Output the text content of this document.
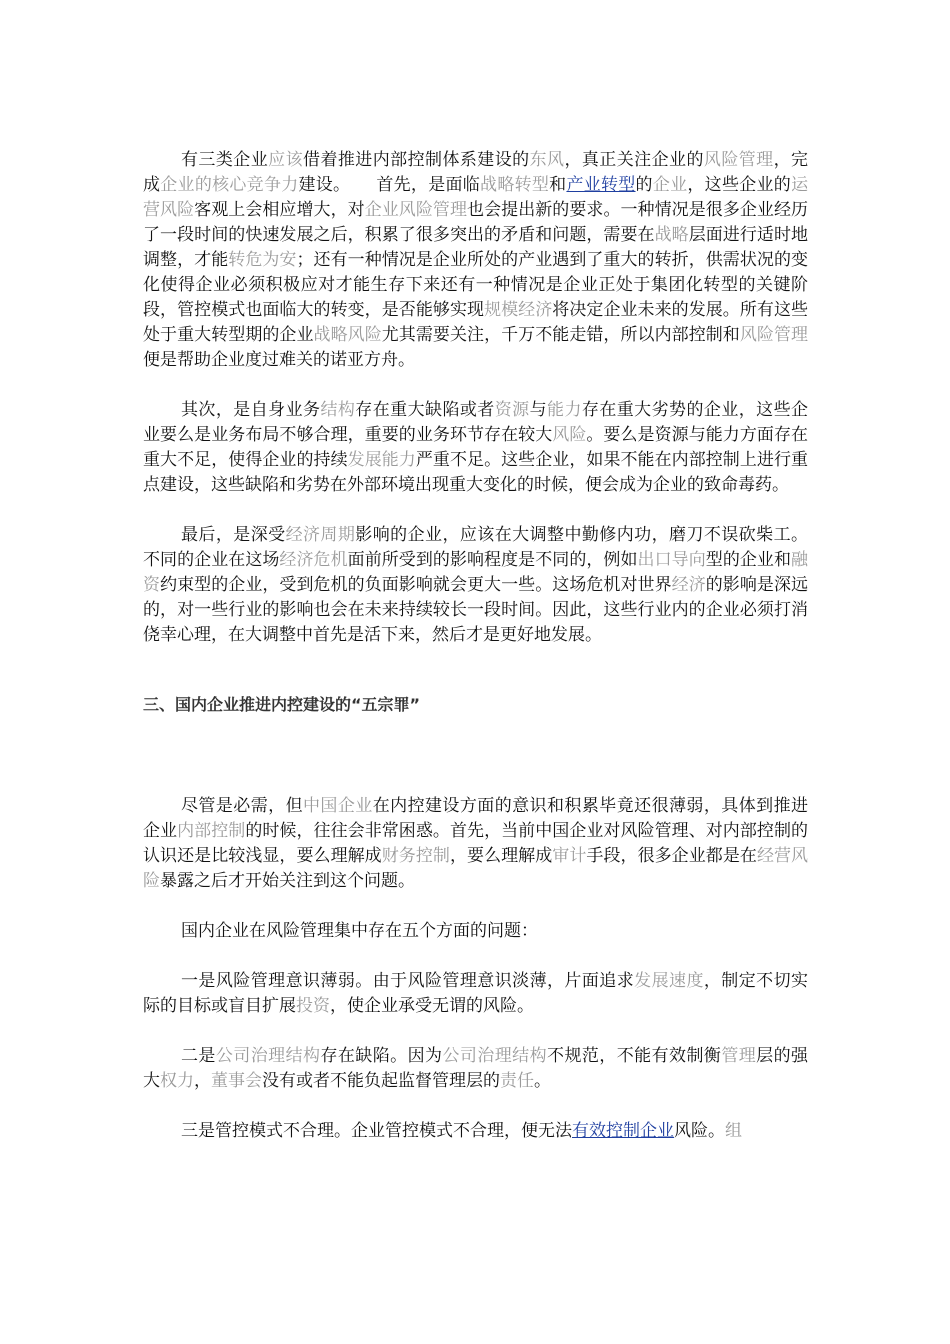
有三类企业应该借着推进内部控制体系建设的东风，真正关注企业的风险管理，完成企业的核心竞争力建设。　　首先，是面临战略转型和产业转型的企业，这些企业的运营风险客观上会相应增大，对企业风险管理也会提出新的要求。一种情况是很多企业经历了一段时间的快速发展之后，积累了很多突出的矛盾和问题，需要在战略层面进行适时地调整，才能转危为安；还有一种情况是企业所处的产业遇到了重大的转折，供需状况的变化使得企业必须积极应对才能生存下来还有一种情况是企业正处于集团化转型的关键阶段，管控模式也面临大的转变，是否能够实现规模经济将决定企业未来的发展。所有这些处于重大转型期的企业战略风险尤其需要关注，千万不能走错，所以内部控制和风险管理便是帮助企业度过难关的诺亚方舟。

其次，是自身业务结构存在重大缺陷或者资源与能力存在重大劣势的企业，这些企业要么是业务布局不够合理，重要的业务环节存在较大风险。要么是资源与能力方面存在重大不足，使得企业的持续发展能力严重不足。这些企业，如果不能在内部控制上进行重点建设，这些缺陷和劣势在外部环境出现重大变化的时候，便会成为企业的致命毒药。

最后，是深受经济周期影响的企业，应该在大调整中勤修内功，磨刀不误砍柴工。不同的企业在这场经济危机面前所受到的影响程度是不同的，例如出口导向型的企业和融资约束型的企业，受到危机的负面影响就会更大一些。这场危机对世界经济的影响是深远的，对一些行业的影响也会在未来持续较长一段时间。因此，这些行业内的企业必须打消侥幸心理，在大调整中首先是活下来，然后才是更好地发展。

三、国内企业推进内控建设的“五宗罪”

尽管是必需，但中国企业在内控建设方面的意识和积累毕竟还很薄弱，具体到推进企业内部控制的时候，往往会非常困惑。首先，当前中国企业对风险管理、对内部控制的认识还是比较浅显，要么理解成财务控制，要么理解成审计手段，很多企业都是在经营风险暴露之后才开始关注到这个问题。

国内企业在风险管理集中存在五个方面的问题：

一是风险管理意识薄弱。由于风险管理意识淡薄，片面追求发展速度，制定不切实际的目标或盲目扩展投资，使企业承受无谓的风险。

二是公司治理结构存在缺陷。因为公司治理结构不规范，不能有效制衡管理层的强大权力，董事会没有或者不能负起监督管理层的责任。

三是管控模式不合理。企业管控模式不合理，便无法有效控制企业风险。组
